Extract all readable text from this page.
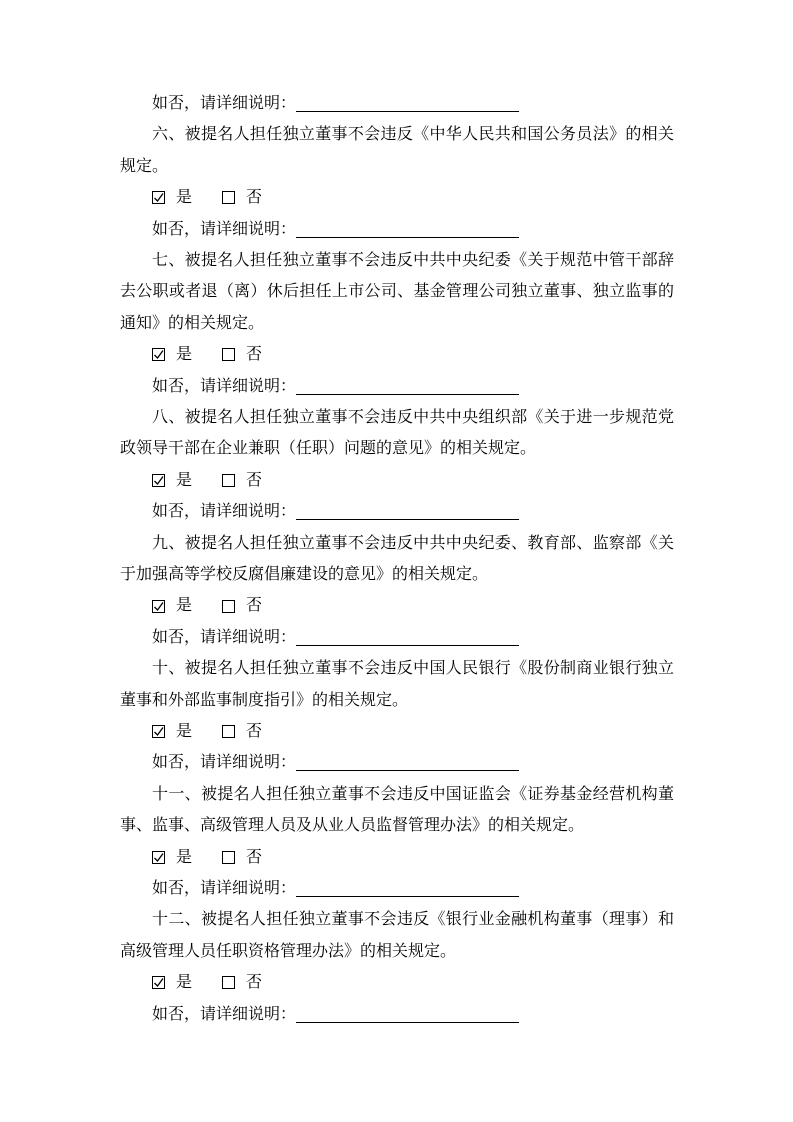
如否，请详细说明：

六、被提名人担任独立董事不会违反《中华人民共和国公务员法》的相关规定。

是	否
如否，请详细说明：

七、被提名人担任独立董事不会违反中共中央纪委《关于规范中管干部辞去公职或者退（离）休后担任上市公司、基金管理公司独立董事、独立监事的通知》的相关规定。

是	否
如否，请详细说明：

八、被提名人担任独立董事不会违反中共中央组织部《关于进一步规范党政领导干部在企业兼职（任职）问题的意见》的相关规定。

是	否
如否，请详细说明：

九、被提名人担任独立董事不会违反中共中央纪委、教育部、监察部《关于加强高等学校反腐倡廉建设的意见》的相关规定。

是	否
如否，请详细说明：

十、被提名人担任独立董事不会违反中国人民银行《股份制商业银行独立董事和外部监事制度指引》的相关规定。

是	否
如否，请详细说明：

十一、被提名人担任独立董事不会违反中国证监会《证券基金经营机构董事、监事、高级管理人员及从业人员监督管理办法》的相关规定。

是	否
如否，请详细说明：

十二、被提名人担任独立董事不会违反《银行业金融机构董事（理事）和高级管理人员任职资格管理办法》的相关规定。

是	否
如否，请详细说明：
